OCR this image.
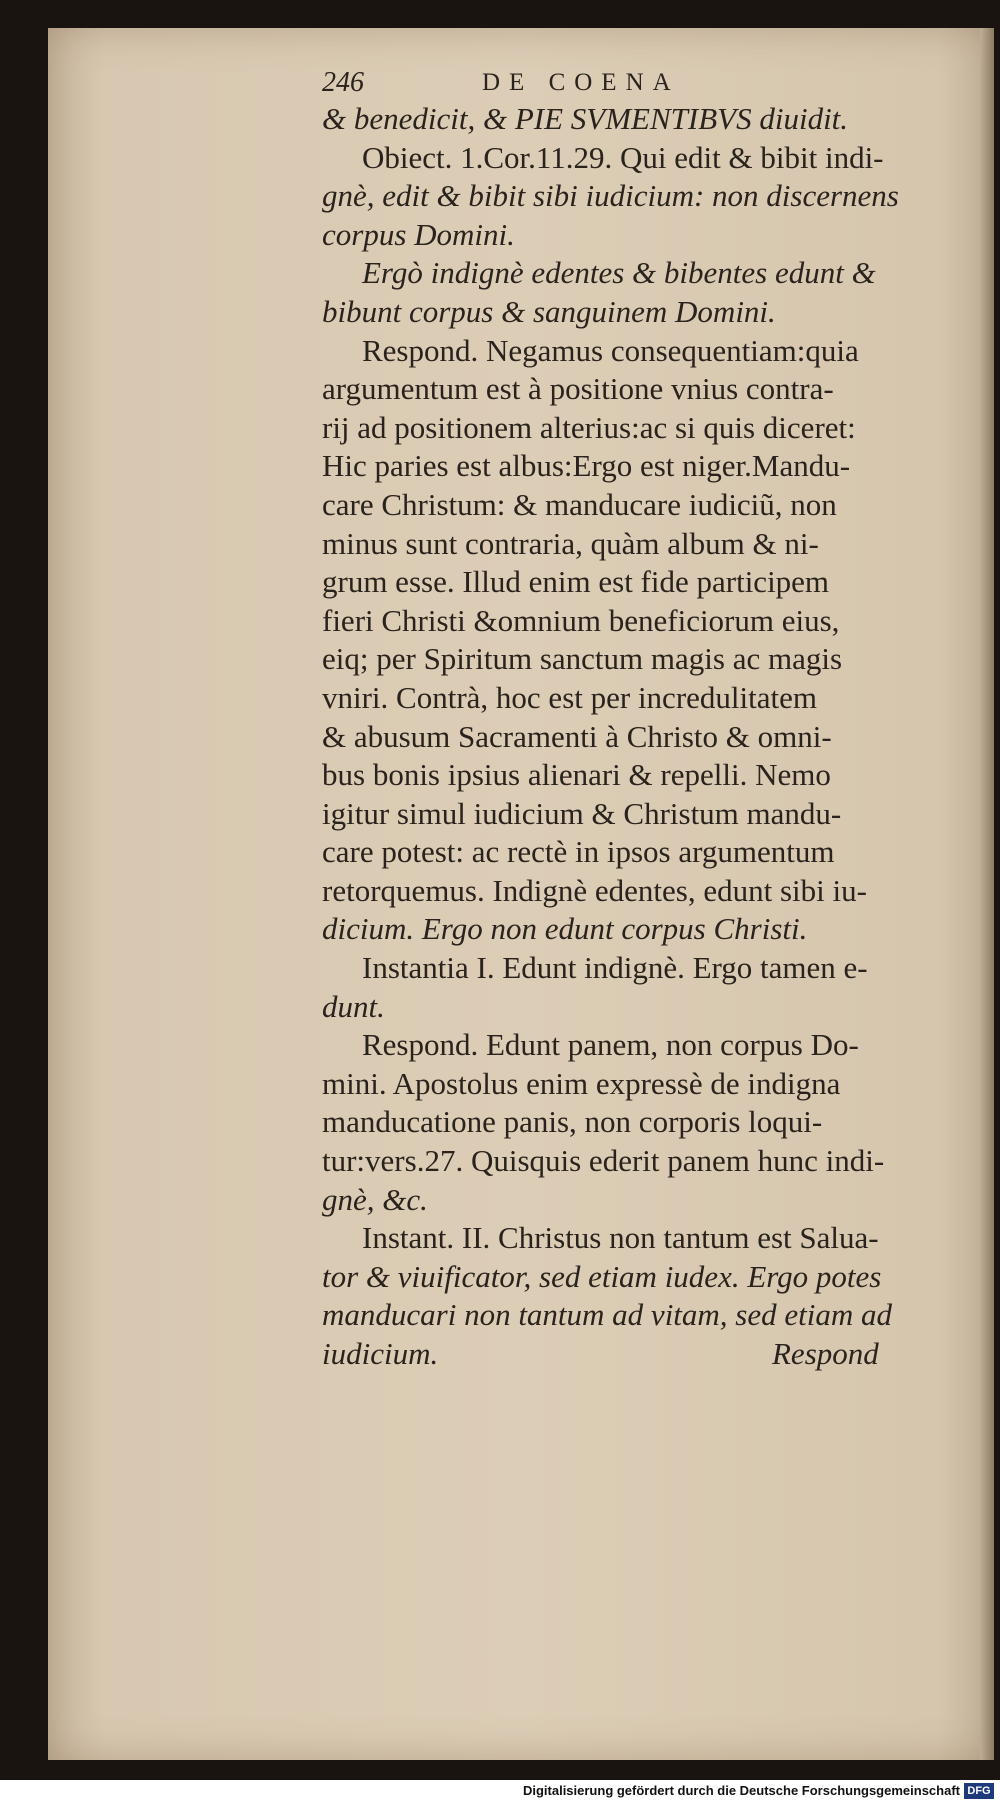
246	DE COENA
& benedicit, & PIE SVMENTIBVS diuidit.
Obiect. 1.Cor.11.29. Qui edit & bibit indi-
gnè, edit & bibit sibi iudicium: non discernens
corpus Domini.
Ergò indignè edentes & bibentes edunt &
bibunt corpus & sanguinem Domini.
Respond. Negamus consequentiam:quia
argumentum est à positione vnius contra-
rij ad positionem alterius:ac si quis diceret:
Hic paries est albus:Ergo est niger.Mandu-
care Christum: & manducare iudiciũ, non
minus sunt contraria, quàm album & ni-
grum esse. Illud enim est fide participem
fieri Christi &omnium beneficiorum eius,
eiq; per Spiritum sanctum magis ac magis
vniri. Contrà, hoc est per incredulitatem
& abusum Sacramenti à Christo & omni-
bus bonis ipsius alienari & repelli. Nemo
igitur simul iudicium & Christum mandu-
care potest: ac rectè in ipsos argumentum
retorquemus. Indignè edentes, edunt sibi iu-
dicium. Ergo non edunt corpus Christi.
Instantia I. Edunt indignè. Ergo tamen e-
dunt.
Respond. Edunt panem, non corpus Do-
mini. Apostolus enim expressè de indigna
manducatione panis, non corporis loqui-
tur:vers.27. Quisquis ederit panem hunc indi-
gnè, &c.
Instant. II. Christus non tantum est Salua-
tor & viuificator, sed etiam iudex. Ergo potes
manducari non tantum ad vitam, sed etiam ad
iudicium.	Respond
Digitalisierung gefördert durch die Deutsche Forschungsgemeinschaft DFG
